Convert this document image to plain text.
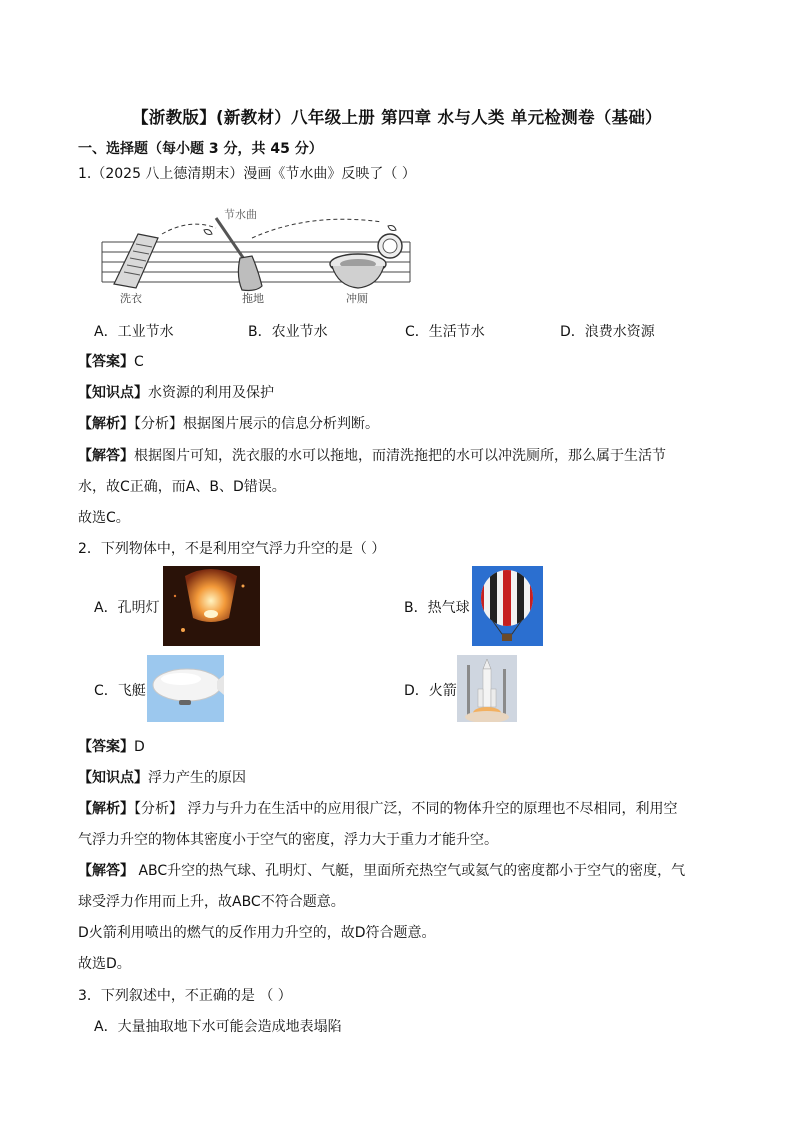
【浙教版】(新教材）八年级上册 第四章 水与人类 单元检测卷（基础）
一、选择题（每小题 3 分，共 45 分）
1.（2025 八上德清期末）漫画《节水曲》反映了（ ）
节水曲
洗衣	拖地	冲厕
A．工业节水	B．农业节水	C．生活节水	D．浪费水资源
【答案】C
【知识点】水资源的利用及保护
【解析】【分析】根据图片展示的信息分析判断。
【解答】根据图片可知，洗衣服的水可以拖地，而清洗拖把的水可以冲洗厕所，那么属于生活节
水，故C正确，而A、B、D错误。
故选C。
2．下列物体中，不是利用空气浮力升空的是（ ）
A．孔明灯	B．热气球
C．飞艇	D．火箭
【答案】D
【知识点】浮力产生的原因
【解析】【分析】 浮力与升力在生活中的应用很广泛，不同的物体升空的原理也不尽相同，利用空
气浮力升空的物体其密度小于空气的密度，浮力大于重力才能升空。
【解答】 ABC升空的热气球、孔明灯、气艇，里面所充热空气或氦气的密度都小于空气的密度，气
球受浮力作用而上升，故ABC不符合题意。
D火箭利用喷出的燃气的反作用力升空的，故D符合题意。
故选D。
3．下列叙述中，不正确的是 （ ）
A．大量抽取地下水可能会造成地表塌陷
